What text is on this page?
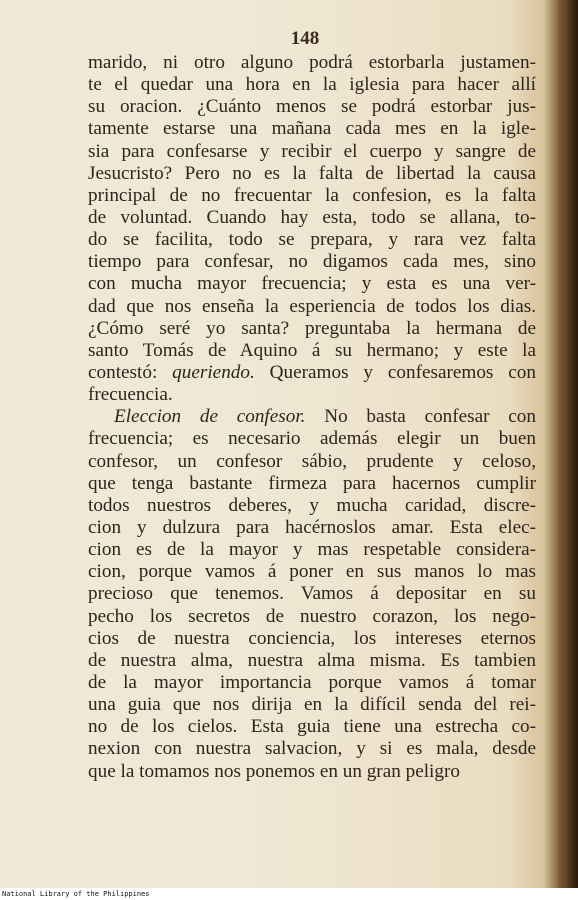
148
marido, ni otro alguno podrá estorbarla justamen-
te el quedar una hora en la iglesia para hacer allí
su oracion. ¿Cuánto menos se podrá estorbar jus-
tamente estarse una mañana cada mes en la igle-
sia para confesarse y recibir el cuerpo y sangre de
Jesucristo? Pero no es la falta de libertad la causa
principal de no frecuentar la confesion, es la falta
de voluntad. Cuando hay esta, todo se allana, to-
do se facilita, todo se prepara, y rara vez falta
tiempo para confesar, no digamos cada mes, sino
con mucha mayor frecuencia; y esta es una ver-
dad que nos enseña la esperiencia de todos los dias.
¿Cómo seré yo santa? preguntaba la hermana de
santo Tomás de Aquino á su hermano; y este la
contestó: queriendo. Queramos y confesaremos con
frecuencia.
Eleccion de confesor. No basta confesar con
frecuencia; es necesario además elegir un buen
confesor, un confesor sábio, prudente y celoso,
que tenga bastante firmeza para hacernos cumplir
todos nuestros deberes, y mucha caridad, discre-
cion y dulzura para hacérnoslos amar. Esta elec-
cion es de la mayor y mas respetable considera-
cion, porque vamos á poner en sus manos lo mas
precioso que tenemos. Vamos á depositar en su
pecho los secretos de nuestro corazon, los nego-
cios de nuestra conciencia, los intereses eternos
de nuestra alma, nuestra alma misma. Es tambien
de la mayor importancia porque vamos á tomar
una guia que nos dirija en la difícil senda del rei-
no de los cielos. Esta guia tiene una estrecha co-
nexion con nuestra salvacion, y si es mala, desde
que la tomamos nos ponemos en un gran peligro
National Library of the Philippines
